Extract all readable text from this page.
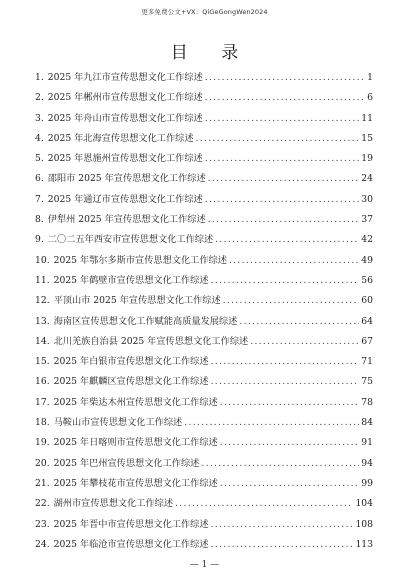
更多免费公文+VX：QiGeGongWen2024
目 录
1. 2025 年九江市宣传思想文化工作综述 .....	1
2. 2025 年郴州市宣传思想文化工作综述 .....	6
3. 2025 年舟山市宣传思想文化工作综述 .....	11
4. 2025 年北海宣传思想文化工作综述 .....	15
5. 2025 年恩施州宣传思想文化工作综述 .....	19
6. 邵阳市 2025 年宣传思想文化工作综述 .....	24
7. 2025 年通辽市宣传思想文化工作综述 .....	30
8. 伊犁州 2025 年宣传思想文化工作综述 .....	37
9. 二〇二五年西安市宣传思想文化工作综述 .....	42
10. 2025 年鄂尔多斯市宣传思想文化工作综述 .....	49
11. 2025 年鹤壁市宣传思想文化工作综述 .....	56
12. 平顶山市 2025 年宣传思想文化工作综述 .....	60
13. 海南区宣传思想文化工作赋能高质量发展综述 .....	64
14. 北川羌族自治县 2025 年宣传思想文化工作综述 .....	67
15. 2025 年白银市宣传思想文化工作综述 .....	71
16. 2025 年麒麟区宣传思想文化工作综述 .....	75
17. 2025 年柴达木州宣传思想文化工作综述 .....	78
18. 马鞍山市宣传思想文化工作综述 .....	84
19. 2025 年日喀则市宣传思想文化工作综述 .....	91
20. 2025 年巴州宣传思想文化工作综述 .....	94
21. 2025 年攀枝花市宣传思想文化工作综述 .....	99
22. 湖州市宣传思想文化工作综述 .....	104
23. 2025 年晋中市宣传思想文化工作综述 .....	108
24. 2025 年临沧市宣传思想文化工作综述 .....	113
— 1 —
